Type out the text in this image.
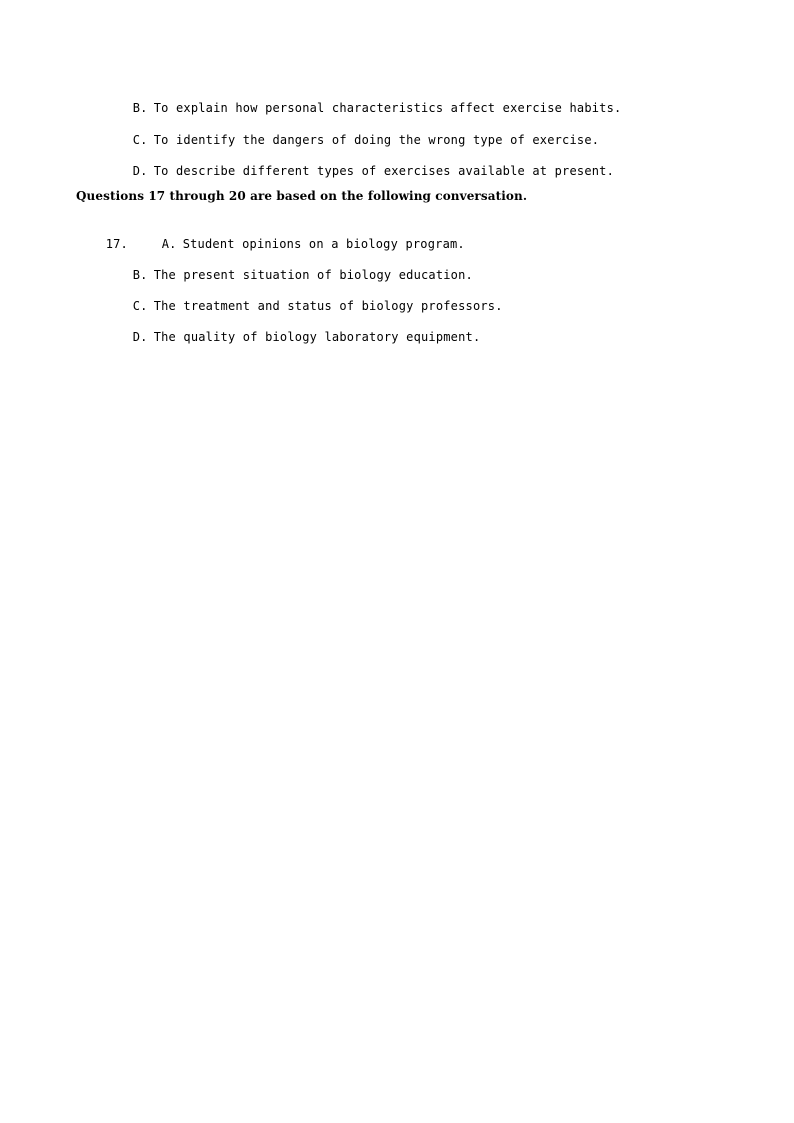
B. To explain how personal characteristics affect exercise habits.

C. To identify the dangers of doing the wrong type of exercise.

D. To describe different types of exercises available at present.

Questions 17 through 20 are based on the following conversation.

17.	A. Student opinions on a biology program.

B. The present situation of biology education.

C. The treatment and status of biology professors.

D. The quality of biology laboratory equipment.
